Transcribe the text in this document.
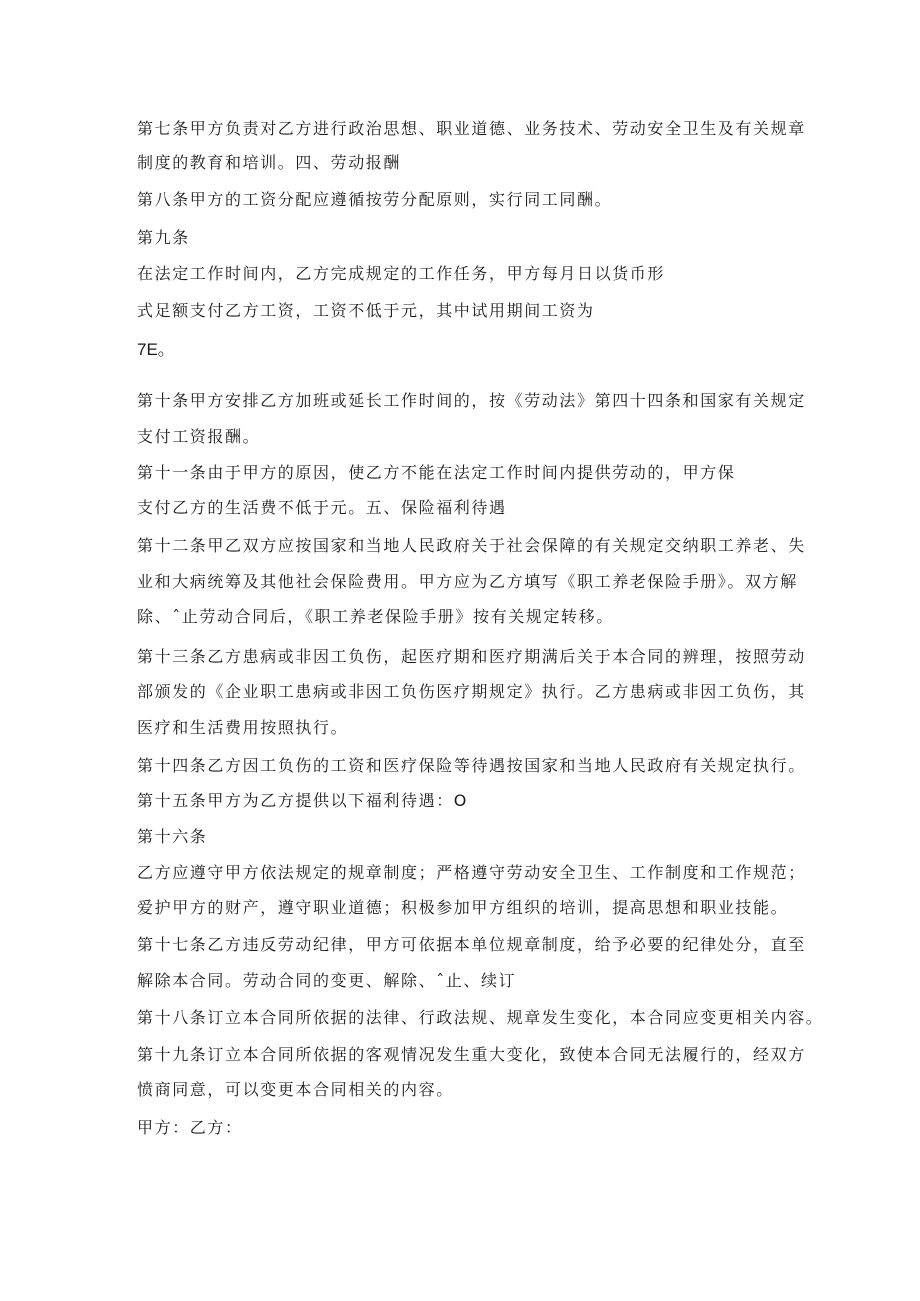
第七条甲方负责对乙方进行政治思想、职业道德、业务技术、劳动安全卫生及有关规章
制度的教育和培训。四、劳动报酬
第八条甲方的工资分配应遵循按劳分配原则，实行同工同酬。
第九条
在法定工作时间内，乙方完成规定的工作任务，甲方每月日以货币形
式足额支付乙方工资，工资不低于元，其中试用期间工资为
7E。
第十条甲方安排乙方加班或延长工作时间的，按《劳动法》第四十四条和国家有关规定
支付工资报酬。
第十一条由于甲方的原因，使乙方不能在法定工作时间内提供劳动的，甲方保
支付乙方的生活费不低于元。五、保险福利待遇
第十二条甲乙双方应按国家和当地人民政府关于社会保障的有关规定交纳职工养老、失
业和大病统筹及其他社会保险费用。甲方应为乙方填写《职工养老保险手册》。双方解
除、ˆ止劳动合同后，《职工养老保险手册》按有关规定转移。
第十三条乙方患病或非因工负伤，起医疗期和医疗期满后关于本合同的辨理，按照劳动
部颁发的《企业职工患病或非因工负伤医疗期规定》执行。乙方患病或非因工负伤，其
医疗和生活费用按照执行。
第十四条乙方因工负伤的工资和医疗保险等待遇按国家和当地人民政府有关规定执行。
第十五条甲方为乙方提供以下福利待遇：O
第十六条
乙方应遵守甲方依法规定的规章制度；严格遵守劳动安全卫生、工作制度和工作规范；
爱护甲方的财产，遵守职业道德；积极参加甲方组织的培训，提高思想和职业技能。
第十七条乙方违反劳动纪律，甲方可依据本单位规章制度，给予必要的纪律处分，直至
解除本合同。劳动合同的变更、解除、ˆ止、续订
第十八条订立本合同所依据的法律、行政法规、规章发生变化，本合同应变更相关内容。
第十九条订立本合同所依据的客观情况发生重大变化，致使本合同无法履行的，经双方
愤商同意，可以变更本合同相关的内容。
甲方：乙方：
